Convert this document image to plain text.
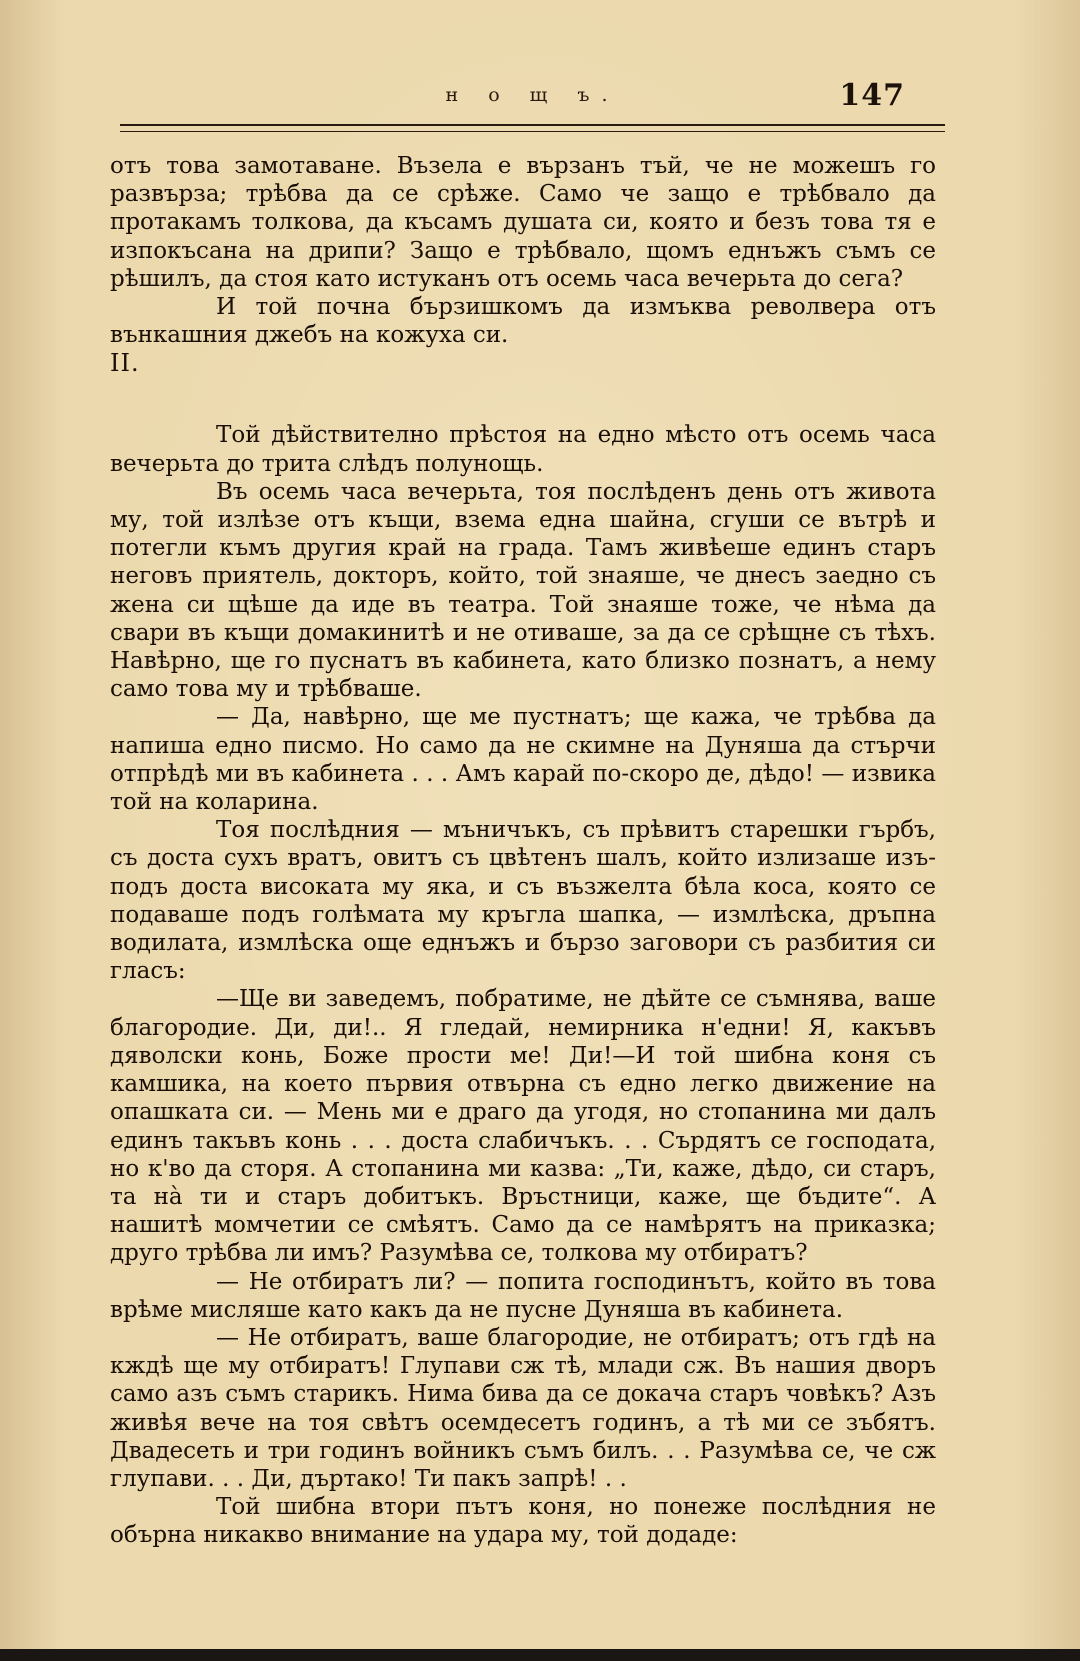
н о щ ъ.	147

отъ това замотаване. Възела е вързанъ тъй, че не можешъ го развърза; трѣбва да се срѣже. Само че защо е трѣбвало да протакамъ толкова, да късамъ душата си, която и безъ това тя е изпокъсана на дрипи? Защо е трѣбвало, щомъ еднъжъ съмъ се рѣшилъ, да стоя като истуканъ отъ осемь часа вечерьта до сега?

И той почна бързишкомъ да измъква револвера отъ вънкашния джебъ на кожуха си.

II.

Той дѣйствително прѣстоя на едно мѣсто отъ осемь часа вечерьта до трита слѣдъ полунощь.

Въ осемь часа вечерьта, тоя послѣденъ день отъ живота му, той излѣзе отъ къщи, взема една шайна, сгуши се вътрѣ и потегли къмъ другия край на града. Тамъ живѣеше единъ старъ неговъ приятель, докторъ, който, той знаяше, че днесъ заедно съ жена си щѣше да иде въ театра. Той знаяше тоже, че нѣма да свари въ къщи домакинитѣ и не отиваше, за да се срѣщне съ тѣхъ. Навѣрно, ще го пуснатъ въ кабинета, като близко познатъ, а нему само това му и трѣбваше.

— Да, навѣрно, ще ме пустнатъ; ще кажа, че трѣбва да напиша едно писмо. Но само да не скимне на Дуняша да стърчи отпрѣдѣ ми въ кабинета . . . Амъ карай по-скоро де, дѣдо! — извика той на коларина.

Тоя послѣдния — мъничъкъ, съ прѣвитъ старешки гърбъ, съ доста сухъ вратъ, овитъ съ цвѣтенъ шалъ, който излизаше изъ-подъ доста високата му яка, и съ възжелта бѣла коса, която се подаваше подъ голѣмата му кръгла шапка, — измлѣска, дръпна водилата, измлѣска още еднъжъ и бързо заговори съ разбития си гласъ:

—Ще ви заведемъ, побратиме, не дѣйте се съмнява, ваше благородие. Ди, ди!.. Я гледай, немирника н'едни! Я, какъвъ дяволски конь, Боже прости ме! Ди!—И той шибна коня съ камшика, на което първия отвърна съ едно легко движение на опашката си. — Мень ми е драго да угодя, но стопанина ми далъ единъ такъвъ конь . . . доста слабичъкъ. . . Сърдятъ се господата, но к'во да сторя. А стопанина ми казва: „Ти, каже, дѣдо, си старъ, та на̀ ти и старъ добитъкъ. Връстници, каже, ще бъдите“. А нашитѣ момчетии се смѣятъ. Само да се намѣрятъ на приказка; друго трѣбва ли имъ? Разумѣва се, толкова му отбиратъ?

— Не отбиратъ ли? — попита господинътъ, който въ това врѣме мисляше като какъ да не пусне Дуняша въ кабинета.

— Не отбиратъ, ваше благородие, не отбиратъ; отъ гдѣ на кждѣ ще му отбиратъ! Глупави сж тѣ, млади сж. Въ нашия дворъ само азъ съмъ старикъ. Нима бива да се докача старъ човѣкъ? Азъ живѣя вече на тоя свѣтъ осемдесетъ годинъ, а тѣ ми се зъбятъ. Двадесеть и три годинъ войникъ съмъ билъ. . . Разумѣва се, че сж глупави. . . Ди, дъртако! Ти пакъ запрѣ! . .

Той шибна втори пътъ коня, но понеже послѣдния не обърна никакво внимание на удара му, той додаде:
